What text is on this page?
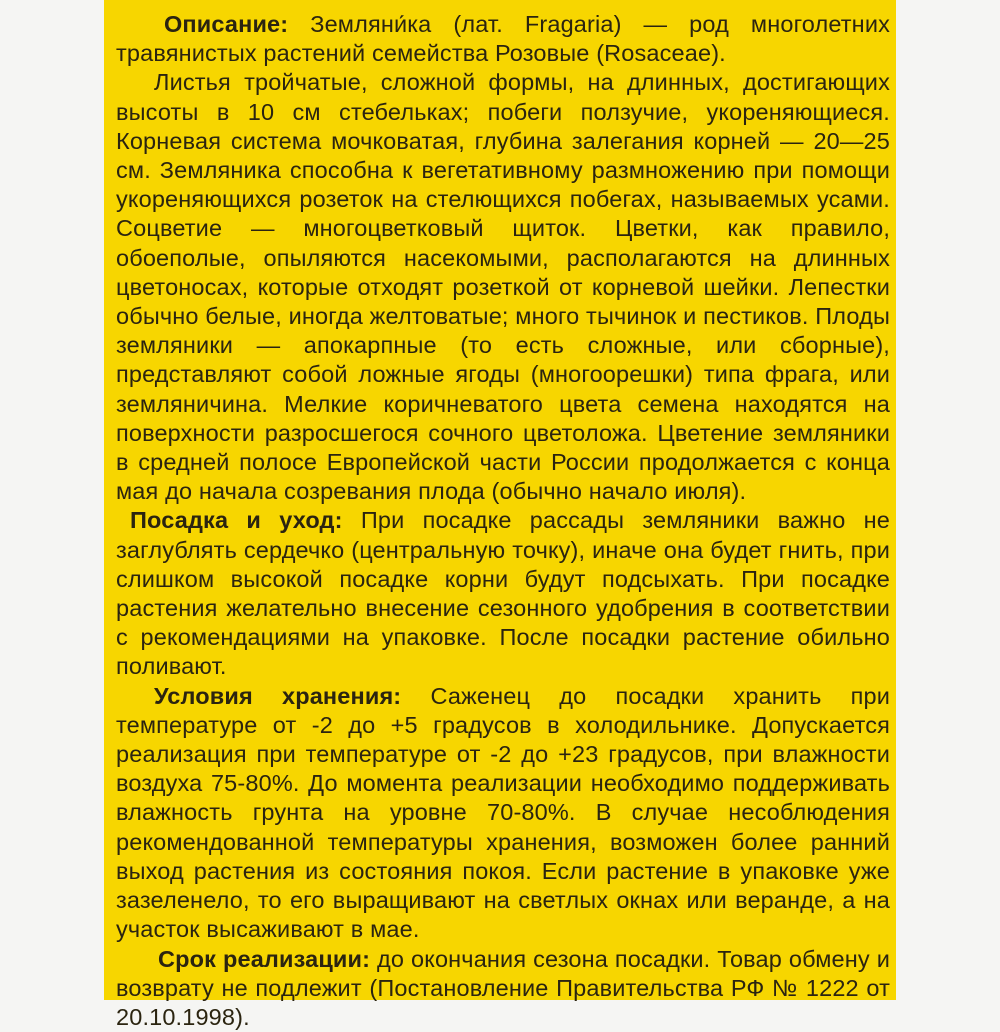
Описание: Земляни́ка (лат. Fragaria) — род многолетних травянистых растений семейства Розовые (Rosaceae).

Листья тройчатые, сложной формы, на длинных, достигающих высоты в 10 см стебельках; побеги ползучие, укореняющиеся. Корневая система мочковатая, глубина залегания корней — 20—25 см. Земляника способна к вегетативному размножению при помощи укореняющихся розеток на стелющихся побегах, называемых усами. Соцветие — многоцветковый щиток. Цветки, как правило, обоеполые, опыляются насекомыми, располагаются на длинных цветоносах, которые отходят розеткой от корневой шейки. Лепестки обычно белые, иногда желтоватые; много тычинок и пестиков. Плоды земляники — апокарпные (то есть сложные, или сборные), представляют собой ложные ягоды (многоорешки) типа фрага, или земляничина. Мелкие коричневатого цвета семена находятся на поверхности разросшегося сочного цветоложа. Цветение земляники в средней полосе Европейской части России продолжается с конца мая до начала созревания плода (обычно начало июля).

Посадка и уход: При посадке рассады земляники важно не заглублять сердечко (центральную точку), иначе она будет гнить, при слишком высокой посадке корни будут подсыхать. При посадке растения желательно внесение сезонного удобрения в соответствии с рекомендациями на упаковке. После посадки растение обильно поливают.

Условия хранения: Саженец до посадки хранить при температуре от -2 до +5 градусов в холодильнике. Допускается реализация при температуре от -2 до +23 градусов, при влажности воздуха 75-80%. До момента реализации необходимо поддерживать влажность грунта на уровне 70-80%. В случае несоблюдения рекомендованной температуры хранения, возможен более ранний выход растения из состояния покоя. Если растение в упаковке уже зазеленело, то его выращивают на светлых окнах или веранде, а на участок высаживают в мае.

Срок реализации: до окончания сезона посадки. Товар обмену и возврату не подлежит (Постановление Правительства РФ № 1222 от 20.10.1998).
